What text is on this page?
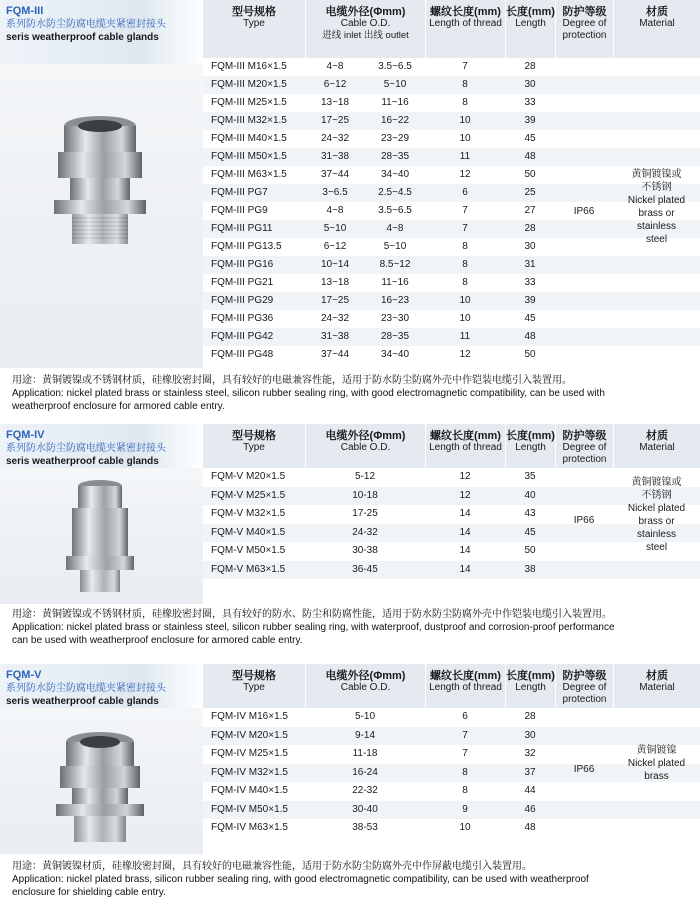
FQM-III
系列防水防尘防腐电缆夹紧密封接头
seris weatherproof cable glands
型号规格
Type
电缆外径(Φmm)
Cable O.D.
进线 inlet 出线 outlet
螺纹长度(mm)
Length of thread
长度(mm)
Length
防护等级
Degree of
protection
材质
Material
FQM-III M16×1.5	4~8	3.5~6.5	7	28
FQM-III M20×1.5	6~12	5~10	8	30
FQM-III M25×1.5	13~18	11~16	8	33
FQM-III M32×1.5	17~25	16~22	10	39
FQM-III M40×1.5	24~32	23~29	10	45
FQM-III M50×1.5	31~38	28~35	11	48
FQM-III M63×1.5	37~44	34~40	12	50
FQM-III PG7	3~6.5	2.5~4.5	6	25
FQM-III PG9	4~8	3.5~6.5	7	27
FQM-III PG11	5~10	4~8	7	28
FQM-III PG13.5	6~12	5~10	8	30
FQM-III PG16	10~14	8.5~12	8	31
FQM-III PG21	13~18	11~16	8	33
FQM-III PG29	17~25	16~23	10	39
FQM-III PG36	24~32	23~30	10	45
FQM-III PG42	31~38	28~35	11	48
FQM-III PG48	37~44	34~40	12	50
IP66
黄铜镀镍或
不锈钢
Nickel plated
brass or
stainless
steel
用途：黄铜镀镍或不锈钢材质，硅橡胶密封圈，具有较好的电磁兼容性能，适用于防水防尘防腐外壳中作铠装电缆引入装置用。
Application: nickel plated brass or stainless steel, silicon rubber sealing ring, with good electromagnetic compatibility, can be used with
weatherproof enclosure for armored cable entry.
FQM-IV
系列防水防尘防腐电缆夹紧密封接头
seris weatherproof cable glands
型号规格
Type
电缆外径(Φmm)
Cable O.D.
螺纹长度(mm)
Length of thread
长度(mm)
Length
防护等级
Degree of
protection
材质
Material
FQM-V M20×1.5	5-12	12	35
FQM-V M25×1.5	10-18	12	40
FQM-V M32×1.5	17-25	14	43
FQM-V M40×1.5	24-32	14	45
FQM-V M50×1.5	30-38	14	50
FQM-V M63×1.5	36-45	14	38
IP66
黄铜镀镍或
不锈钢
Nickel plated
brass or
stainless
steel
用途：黄铜镀镍或不锈钢材质，硅橡胶密封圈，具有较好的防水、防尘和防腐性能，适用于防水防尘防腐外壳中作铠装电缆引入装置用。
Application: nickel plated brass or stainless steel, silicon rubber sealing ring, with waterproof, dustproof and corrosion-proof performance
can be used with weatherproof enclosure for armored cable entry.
FQM-V
系列防水防尘防腐电缆夹紧密封接头
seris weatherproof cable glands
型号规格
Type
电缆外径(Φmm)
Cable O.D.
螺纹长度(mm)
Length of thread
长度(mm)
Length
防护等级
Degree of
protection
材质
Material
FQM-IV M16×1.5	5-10	6	28
FQM-IV M20×1.5	9-14	7	30
FQM-IV M25×1.5	11-18	7	32
FQM-IV M32×1.5	16-24	8	37
FQM-IV M40×1.5	22-32	8	44
FQM-IV M50×1.5	30-40	9	46
FQM-IV M63×1.5	38-53	10	48
IP66
黄铜镀镍
Nickel plated
brass
用途：黄铜镀镍材质，硅橡胶密封圈，具有较好的电磁兼容性能，适用于防水防尘防腐外壳中作屏蔽电缆引入装置用。
Application: nickel plated brass, silicon rubber sealing ring, with good electromagnetic compatibility, can be used with weatherproof
enclosure for shielding cable entry.
